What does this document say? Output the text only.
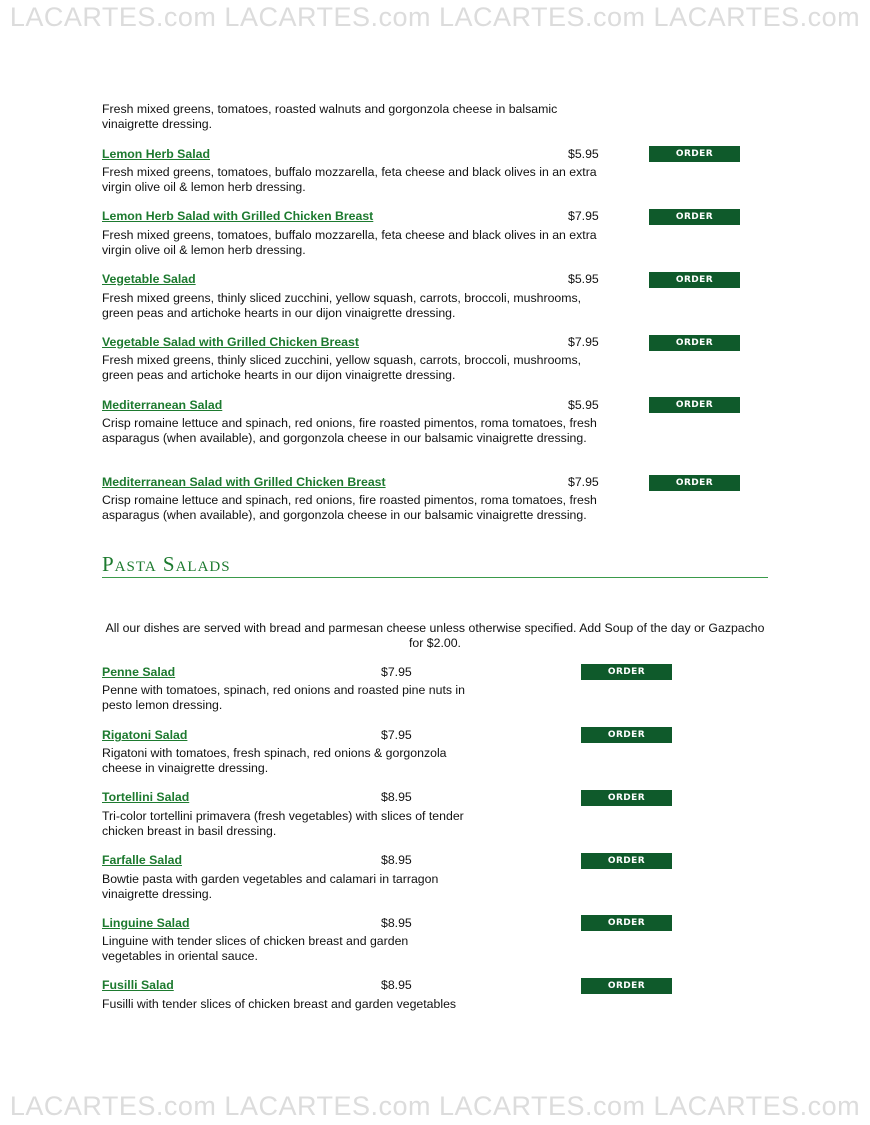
LACARTES.com LACARTES.com LACARTES.com LACARTES.com
Fresh mixed greens, tomatoes, roasted walnuts and gorgonzola cheese in balsamic vinaigrette dressing.
Lemon Herb Salad	$5.95	ORDER
Fresh mixed greens, tomatoes, buffalo mozzarella, feta cheese and black olives in an extra virgin olive oil & lemon herb dressing.
Lemon Herb Salad with Grilled Chicken Breast	$7.95	ORDER
Fresh mixed greens, tomatoes, buffalo mozzarella, feta cheese and black olives in an extra virgin olive oil & lemon herb dressing.
Vegetable Salad	$5.95	ORDER
Fresh mixed greens, thinly sliced zucchini, yellow squash, carrots, broccoli, mushrooms, green peas and artichoke hearts in our dijon vinaigrette dressing.
Vegetable Salad with Grilled Chicken Breast	$7.95	ORDER
Fresh mixed greens, thinly sliced zucchini, yellow squash, carrots, broccoli, mushrooms, green peas and artichoke hearts in our dijon vinaigrette dressing.
Mediterranean Salad	$5.95	ORDER
Crisp romaine lettuce and spinach, red onions, fire roasted pimentos, roma tomatoes, fresh asparagus (when available), and gorgonzola cheese in our balsamic vinaigrette dressing.
Mediterranean Salad with Grilled Chicken Breast	$7.95	ORDER
Crisp romaine lettuce and spinach, red onions, fire roasted pimentos, roma tomatoes, fresh asparagus (when available), and gorgonzola cheese in our balsamic vinaigrette dressing.
Pasta Salads
All our dishes are served with bread and parmesan cheese unless otherwise specified. Add Soup of the day or Gazpacho for $2.00.
Penne Salad	$7.95	ORDER
Penne with tomatoes, spinach, red onions and roasted pine nuts in pesto lemon dressing.
Rigatoni Salad	$7.95	ORDER
Rigatoni with tomatoes, fresh spinach, red onions & gorgonzola cheese in vinaigrette dressing.
Tortellini Salad	$8.95	ORDER
Tri-color tortellini primavera (fresh vegetables) with slices of tender chicken breast in basil dressing.
Farfalle Salad	$8.95	ORDER
Bowtie pasta with garden vegetables and calamari in tarragon vinaigrette dressing.
Linguine Salad	$8.95	ORDER
Linguine with tender slices of chicken breast and garden vegetables in oriental sauce.
Fusilli Salad	$8.95	ORDER
Fusilli with tender slices of chicken breast and garden vegetables
LACARTES.com LACARTES.com LACARTES.com LACARTES.com
